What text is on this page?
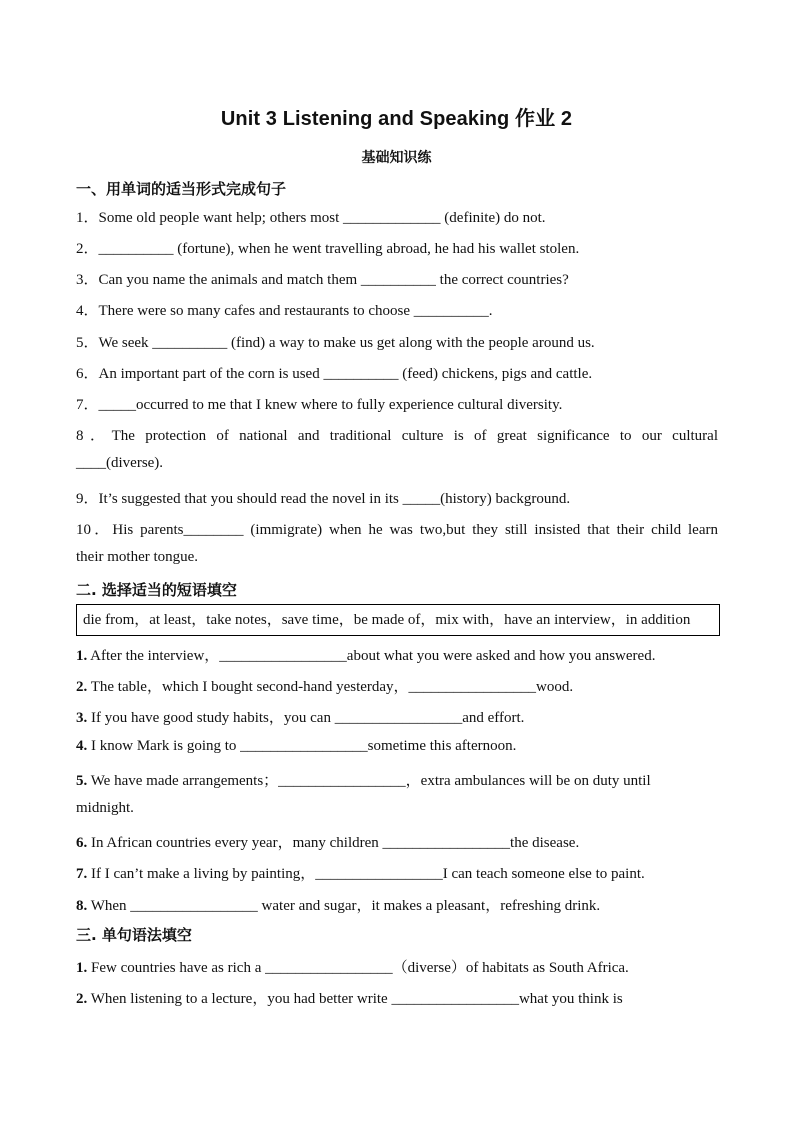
Unit 3 Listening and Speaking 作业 2
基础知识练
一、用单词的适当形式完成句子
1．Some old people want help; others most _____________ (definite) do not.
2．__________ (fortune), when he went travelling abroad, he had his wallet stolen.
3．Can you name the animals and match them __________ the correct countries?
4．There were so many cafes and restaurants to choose __________.
5．We seek __________ (find) a way to make us get along with the people around us.
6．An important part of the corn is used __________ (feed) chickens, pigs and cattle.
7．_____occurred to me that I knew where to fully experience cultural diversity.
8．The protection of national and traditional culture is of great significance to our cultural
____(diverse).
9．It’s suggested that you should read the novel in its _____(history) background.
10．His parents________ (immigrate) when he was two,but they still insisted that their child learn
their mother tongue.
二. 选择适当的短语填空
die from，at least，take notes，save time，be made of，mix with，have an interview，in addition
1. After the interview，_________________about what you were asked and how you answered.
2. The table，which I bought second-hand yesterday，_________________wood.
3. If you have good study habits，you can _________________and effort.
4. I know Mark is going to _________________sometime this afternoon.
5. We have made arrangements；_________________，extra ambulances will be on duty until
midnight.
6. In African countries every year，many children _________________the disease.
7. If I can’t make a living by painting，_________________I can teach someone else to paint.
8. When _________________ water and sugar，it makes a pleasant，refreshing drink.
三. 单句语法填空
1. Few countries have as rich a _________________（diverse）of habitats as South Africa.
2. When listening to a lecture，you had better write _________________what you think is
